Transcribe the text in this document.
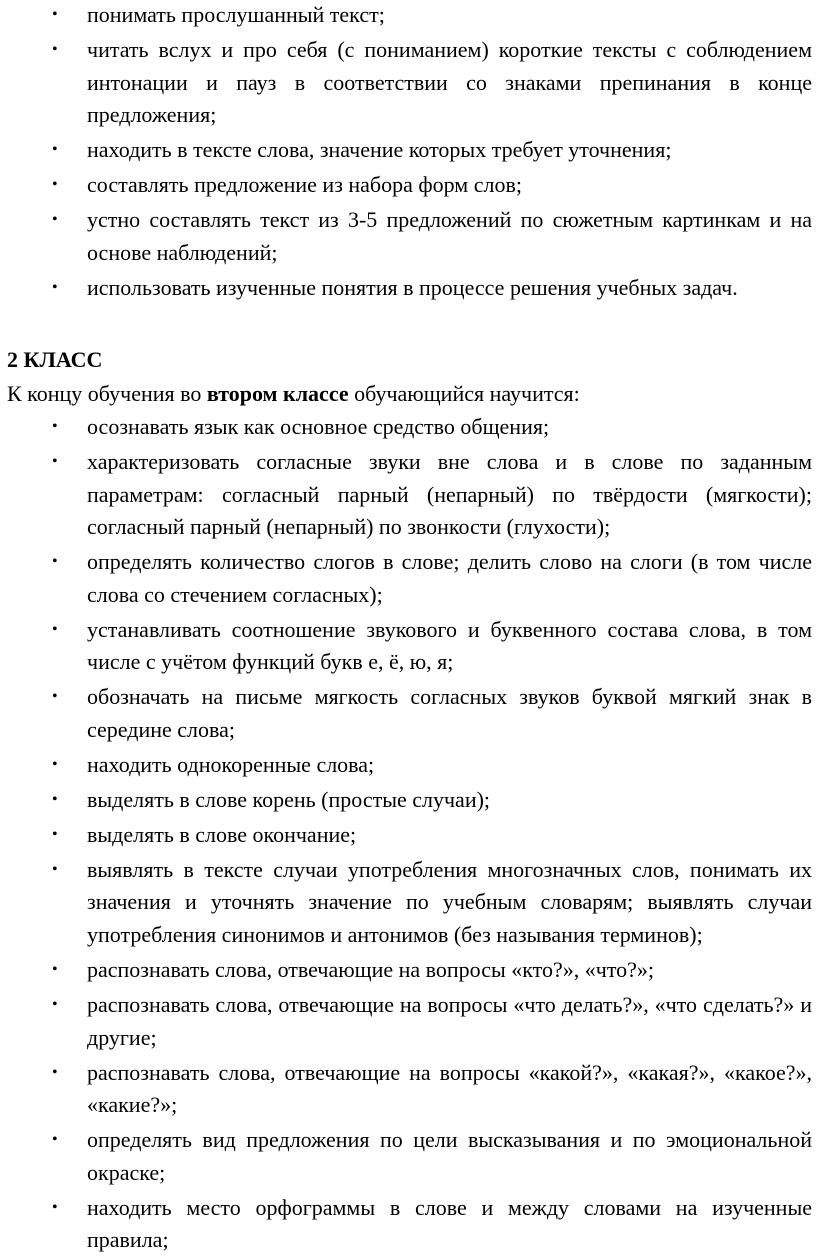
• понимать прослушанный текст;
• читать вслух и про себя (с пониманием) короткие тексты с соблюдением интонации и пауз в соответствии со знаками препинания в конце предложения;
• находить в тексте слова, значение которых требует уточнения;
• составлять предложение из набора форм слов;
• устно составлять текст из 3-5 предложений по сюжетным картинкам и на основе наблюдений;
• использовать изученные понятия в процессе решения учебных задач.
2 КЛАСС

К концу обучения во втором классе обучающийся научится:

• осознавать язык как основное средство общения;
• характеризовать согласные звуки вне слова и в слове по заданным параметрам: согласный парный (непарный) по твёрдости (мягкости); согласный парный (непарный) по звонкости (глухости);
• определять количество слогов в слове; делить слово на слоги (в том числе слова со стечением согласных);
• устанавливать соотношение звукового и буквенного состава слова, в том числе с учётом функций букв е, ё, ю, я;
• обозначать на письме мягкость согласных звуков буквой мягкий знак в середине слова;
• находить однокоренные слова;
• выделять в слове корень (простые случаи);
• выделять в слове окончание;
• выявлять в тексте случаи употребления многозначных слов, понимать их значения и уточнять значение по учебным словарям; выявлять случаи употребления синонимов и антонимов (без называния терминов);
• распознавать слова, отвечающие на вопросы «кто?», «что?»;
• распознавать слова, отвечающие на вопросы «что делать?», «что сделать?» и другие;
• распознавать слова, отвечающие на вопросы «какой?», «какая?», «какое?», «какие?»;
• определять вид предложения по цели высказывания и по эмоциональной окраске;
• находить место орфограммы в слове и между словами на изученные правила;
